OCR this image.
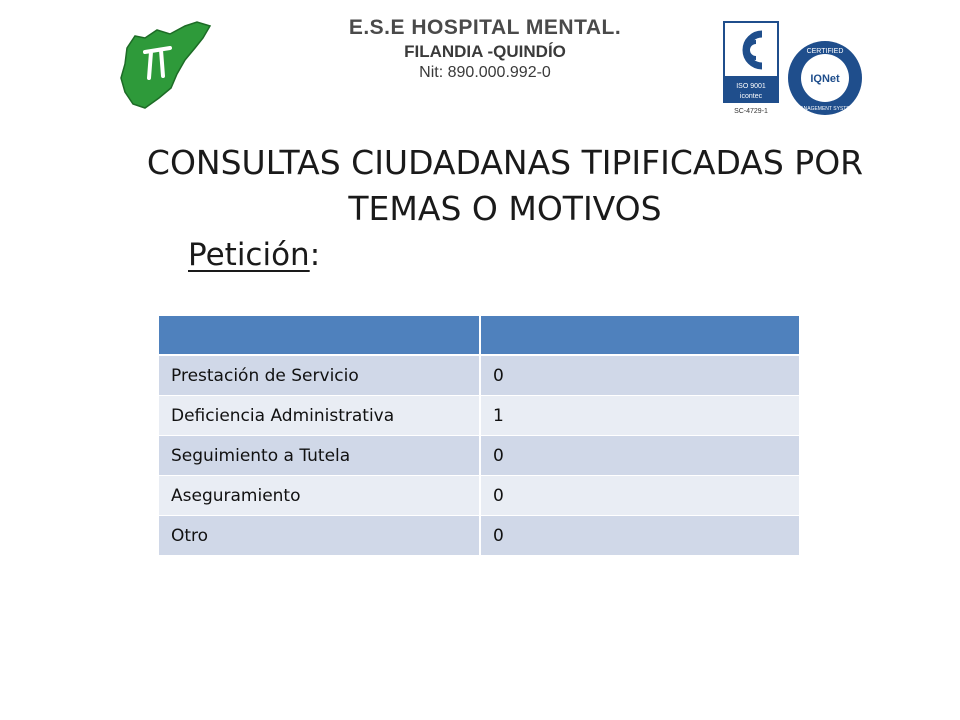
E.S.E HOSPITAL MENTAL.
FILANDIA -QUINDÍO
Nit: 890.000.992-0
ISO 9001
icontec
SC-4729-1
CERTIFIED
MANAGEMENT SYSTEM
IQNet
CONSULTAS CIUDADANAS TIPIFICADAS POR TEMAS O MOTIVOS
Petición:

Prestación de Servicio	0
Deficiencia Administrativa	1
Seguimiento a Tutela	0
Aseguramiento	0
Otro	0
